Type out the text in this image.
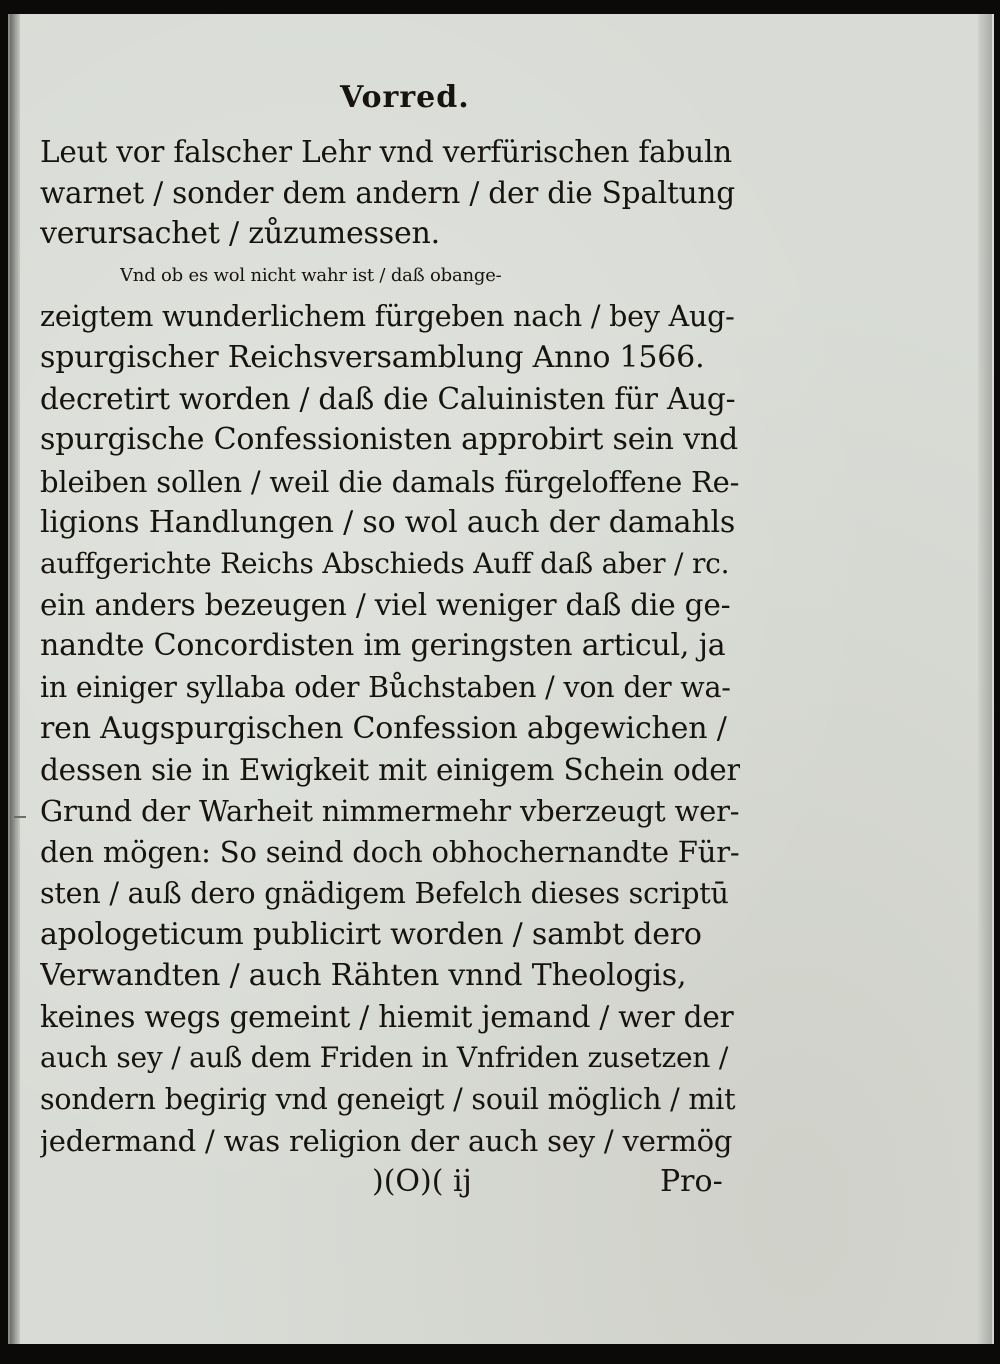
Vorred.
Leut vor falscher Lehr vnd verfürischen fabuln
warnet / sonder dem andern / der die Spaltung
verursachet / zůzumessen.
Vnd ob es wol nicht wahr ist / daß obange-
zeigtem wunderlichem fürgeben nach / bey Aug-
spurgischer Reichsversamblung Anno 1566.
decretirt worden / daß die Caluinisten für Aug-
spurgische Confessionisten approbirt sein vnd
bleiben sollen / weil die damals fürgeloffene Re-
ligions Handlungen / so wol auch der damahls
auffgerichte Reichs Abschieds Auff daß aber / rc.
ein anders bezeugen / viel weniger daß die ge-
nandte Concordisten im geringsten articul, ja
in einiger syllaba oder Bůchstaben / von der wa-
ren Augspurgischen Confession abgewichen /
dessen sie in Ewigkeit mit einigem Schein oder
Grund der Warheit nimmermehr vberzeugt wer-
den mögen: So seind doch obhochernandte Für-
sten / auß dero gnädigem Befelch dieses scriptū
apologeticum publicirt worden / sambt dero
Verwandten / auch Rähten vnnd Theologis,
keines wegs gemeint / hiemit jemand / wer der
auch sey / auß dem Friden in Vnfriden zusetzen /
sondern begirig vnd geneigt / souil möglich / mit
jedermand / was religion der auch sey / vermög
)(O)( ij	Pro-
